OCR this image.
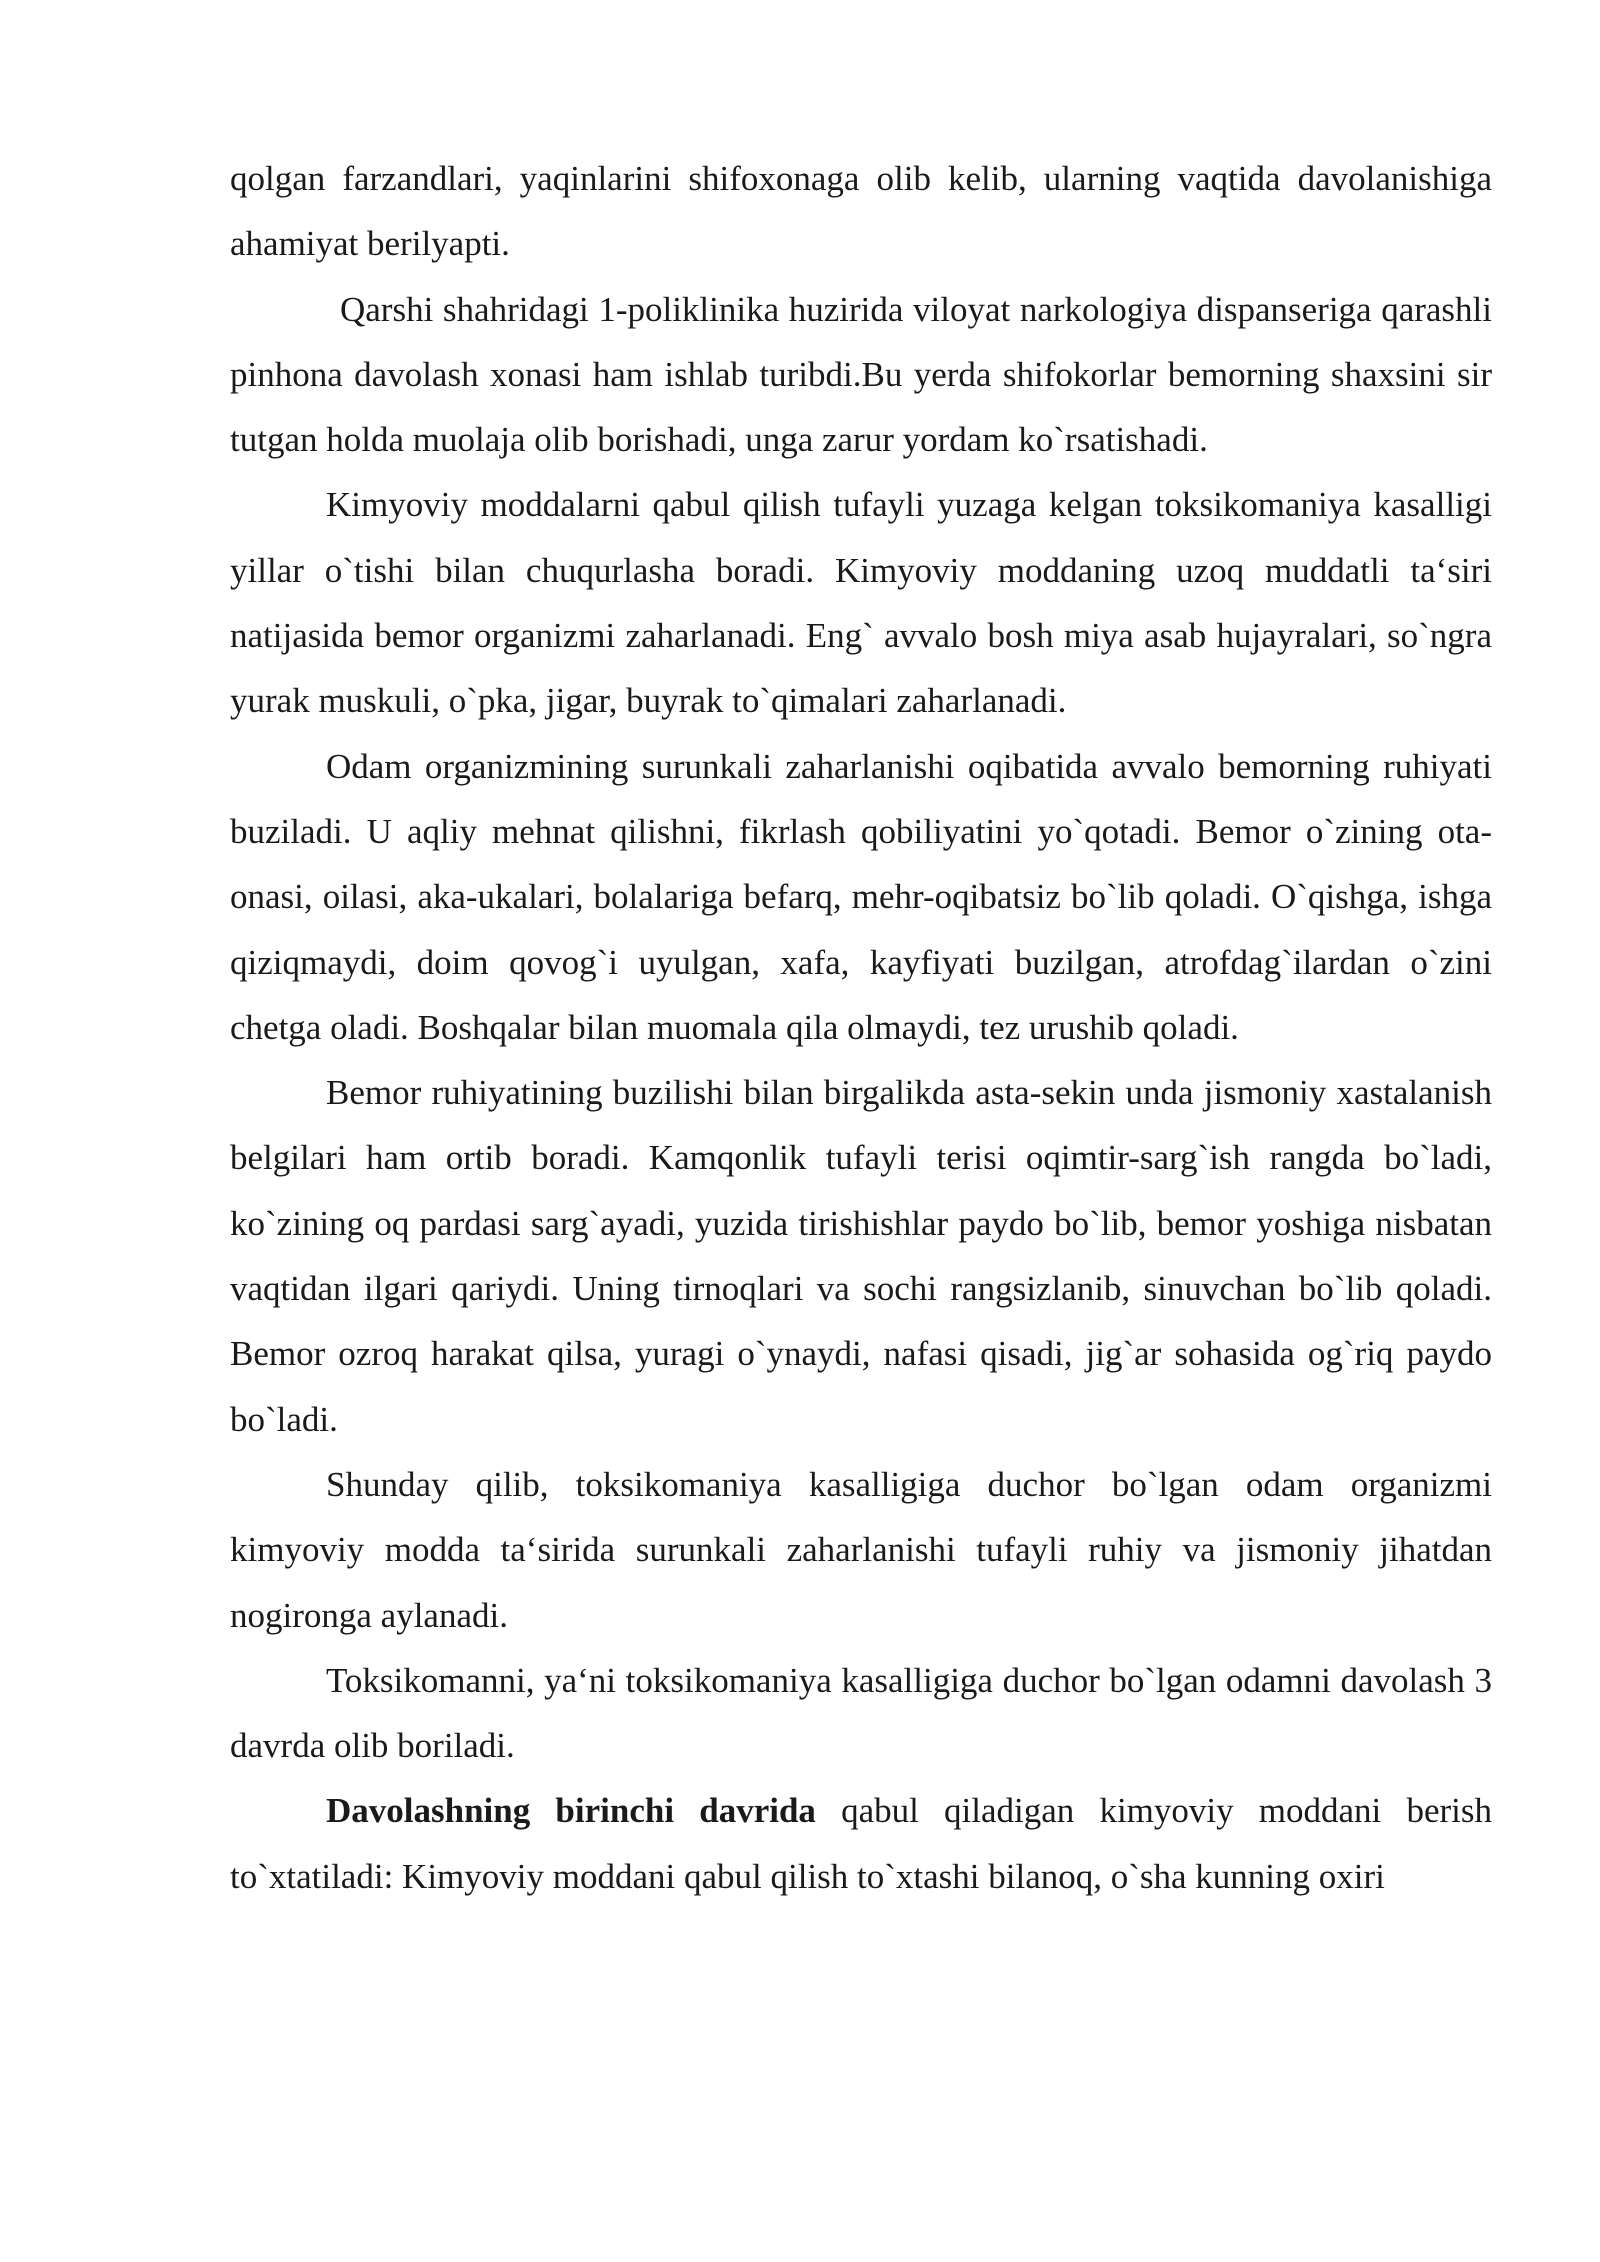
qolgan farzandlari, yaqinlarini shifoxonaga olib kelib, ularning vaqtida davolanishiga ahamiyat berilyapti.

Qarshi shahridagi 1-poliklinika huzirida viloyat narkologiya dispanseriga qarashli pinhona davolash xonasi ham ishlab turibdi.Bu yerda shifokorlar bemorning shaxsini sir tutgan holda muolaja olib borishadi, unga zarur yordam ko`rsatishadi.

Kimyoviy moddalarni qabul qilish tufayli yuzaga kelgan toksikomaniya kasalligi yillar o`tishi bilan chuqurlasha boradi. Kimyoviy moddaning uzoq muddatli ta‘siri natijasida bemor organizmi zaharlanadi. Eng` avvalo bosh miya asab hujayralari, so`ngra yurak muskuli, o`pka, jigar, buyrak to`qimalari zaharlanadi.

Odam organizmining surunkali zaharlanishi oqibatida avvalo bemorning ruhiyati buziladi. U aqliy mehnat qilishni, fikrlash qobiliyatini yo`qotadi. Bemor o`zining ota-onasi, oilasi, aka-ukalari, bolalariga befarq, mehr-oqibatsiz bo`lib qoladi. O`qishga, ishga qiziqmaydi, doim qovog`i uyulgan, xafa, kayfiyati buzilgan, atrofdag`ilardan o`zini chetga oladi. Boshqalar bilan muomala qila olmaydi, tez urushib qoladi.

Bemor ruhiyatining buzilishi bilan birgalikda asta-sekin unda jismoniy xastalanish belgilari ham ortib boradi. Kamqonlik tufayli terisi oqimtir-sarg`ish rangda bo`ladi, ko`zining oq pardasi sarg`ayadi, yuzida tirishishlar paydo bo`lib, bemor yoshiga nisbatan vaqtidan ilgari qariydi. Uning tirnoqlari va sochi rangsizlanib, sinuvchan bo`lib qoladi. Bemor ozroq harakat qilsa, yuragi o`ynaydi, nafasi qisadi, jig`ar sohasida og`riq paydo bo`ladi.

Shunday qilib, toksikomaniya kasalligiga duchor bo`lgan odam organizmi kimyoviy modda ta‘sirida surunkali zaharlanishi tufayli ruhiy va jismoniy jihatdan nogironga aylanadi.

Toksikomanni, ya‘ni toksikomaniya kasalligiga duchor bo`lgan odamni davolash 3 davrda olib boriladi.

Davolashning birinchi davrida qabul qiladigan kimyoviy moddani berish to`xtatiladi: Kimyoviy moddani qabul qilish to`xtashi bilanoq, o`sha kunning oxiri
